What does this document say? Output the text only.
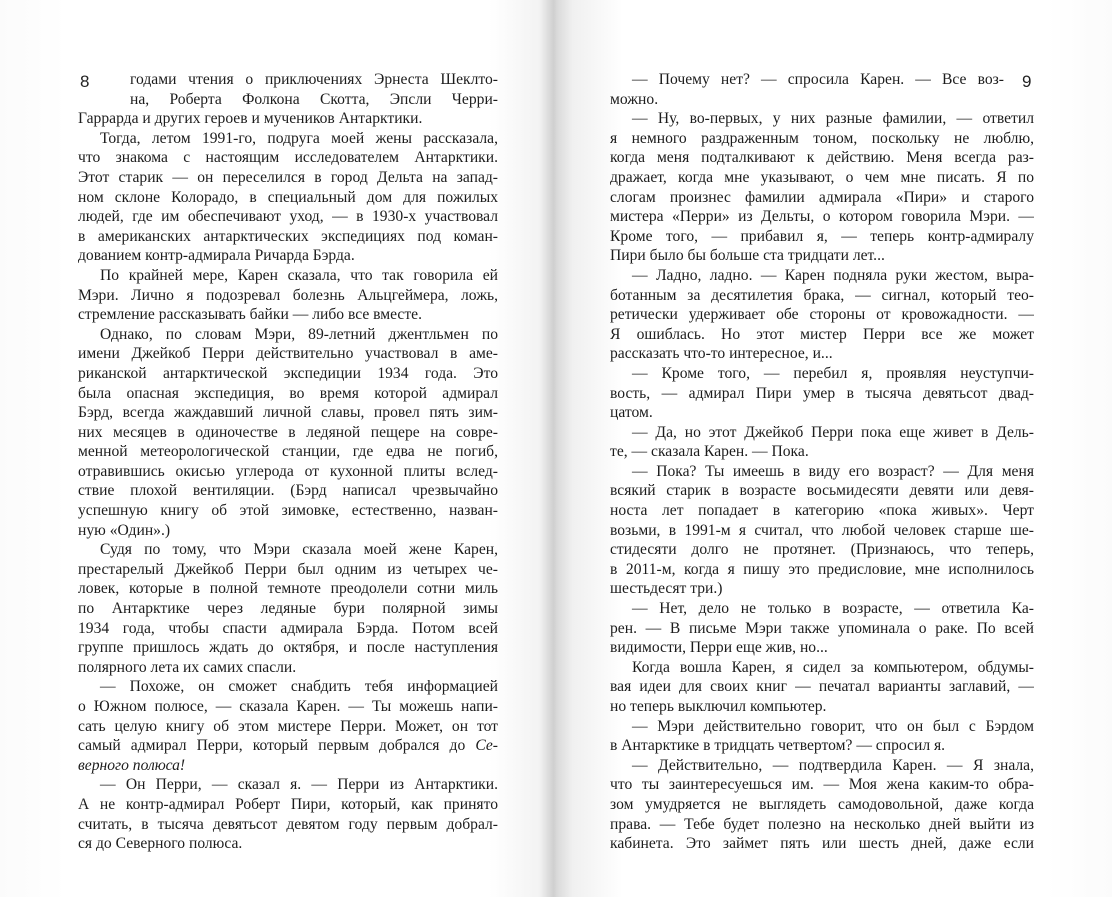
8	9
годами чтения о приключениях Эрнеста Шеклто-
на, Роберта Фолкона Скотта, Эпсли Черри-
Гаррарда и других героев и мучеников Антарктики.
Тогда, летом 1991-го, подруга моей жены рассказала,
что знакома с настоящим исследователем Антарктики.
Этот старик — он переселился в город Дельта на запад-
ном склоне Колорадо, в специальный дом для пожилых
людей, где им обеспечивают уход, — в 1930-х участвовал
в американских антарктических экспедициях под коман-
дованием контр-адмирала Ричарда Бэрда.
По крайней мере, Карен сказала, что так говорила ей
Мэри. Лично я подозревал болезнь Альцгеймера, ложь,
стремление рассказывать байки — либо все вместе.
Однако, по словам Мэри, 89-летний джентльмен по
имени Джейкоб Перри действительно участвовал в аме-
риканской антарктической экспедиции 1934 года. Это
была опасная экспедиция, во время которой адмирал
Бэрд, всегда жаждавший личной славы, провел пять зим-
них месяцев в одиночестве в ледяной пещере на совре-
менной метеорологической станции, где едва не погиб,
отравившись окисью углерода от кухонной плиты вслед-
ствие плохой вентиляции. (Бэрд написал чрезвычайно
успешную книгу об этой зимовке, естественно, назван-
ную «Один».)
Судя по тому, что Мэри сказала моей жене Карен,
престарелый Джейкоб Перри был одним из четырех че-
ловек, которые в полной темноте преодолели сотни миль
по Антарктике через ледяные бури полярной зимы
1934 года, чтобы спасти адмирала Бэрда. Потом всей
группе пришлось ждать до октября, и после наступления
полярного лета их самих спасли.
— Похоже, он сможет снабдить тебя информацией
о Южном полюсе, — сказала Карен. — Ты можешь напи-
сать целую книгу об этом мистере Перри. Может, он тот
самый адмирал Перри, который первым добрался до Се-
верного полюса!
— Он Перри, — сказал я. — Перри из Антарктики.
А не контр-адмирал Роберт Пири, который, как принято
считать, в тысяча девятьсот девятом году первым добрал-
ся до Северного полюса.
— Почему нет? — спросила Карен. — Все воз-
можно.
— Ну, во-первых, у них разные фамилии, — ответил
я немного раздраженным тоном, поскольку не люблю,
когда меня подталкивают к действию. Меня всегда раз-
дражает, когда мне указывают, о чем мне писать. Я по
слогам произнес фамилии адмирала «Пири» и старого
мистера «Перри» из Дельты, о котором говорила Мэри. —
Кроме того, — прибавил я, — теперь контр-адмиралу
Пири было бы больше ста тридцати лет...
— Ладно, ладно. — Карен подняла руки жестом, выра-
ботанным за десятилетия брака, — сигнал, который тео-
ретически удерживает обе стороны от кровожадности. —
Я ошиблась. Но этот мистер Перри все же может
рассказать что-то интересное, и...
— Кроме того, — перебил я, проявляя неуступчи-
вость, — адмирал Пири умер в тысяча девятьсот двад-
цатом.
— Да, но этот Джейкоб Перри пока еще живет в Дель-
те, — сказала Карен. — Пока.
— Пока? Ты имеешь в виду его возраст? — Для меня
всякий старик в возрасте восьмидесяти девяти или девя-
носта лет попадает в категорию «пока живых». Черт
возьми, в 1991-м я считал, что любой человек старше ше-
стидесяти долго не протянет. (Признаюсь, что теперь,
в 2011-м, когда я пишу это предисловие, мне исполнилось
шестьдесят три.)
— Нет, дело не только в возрасте, — ответила Ка-
рен. — В письме Мэри также упоминала о раке. По всей
видимости, Перри еще жив, но...
Когда вошла Карен, я сидел за компьютером, обдумы-
вая идеи для своих книг — печатал варианты заглавий, —
но теперь выключил компьютер.
— Мэри действительно говорит, что он был с Бэрдом
в Антарктике в тридцать четвертом? — спросил я.
— Действительно, — подтвердила Карен. — Я знала,
что ты заинтересуешься им. — Моя жена каким-то обра-
зом умудряется не выглядеть самодовольной, даже когда
права. — Тебе будет полезно на несколько дней выйти из
кабинета. Это займет пять или шесть дней, даже если
